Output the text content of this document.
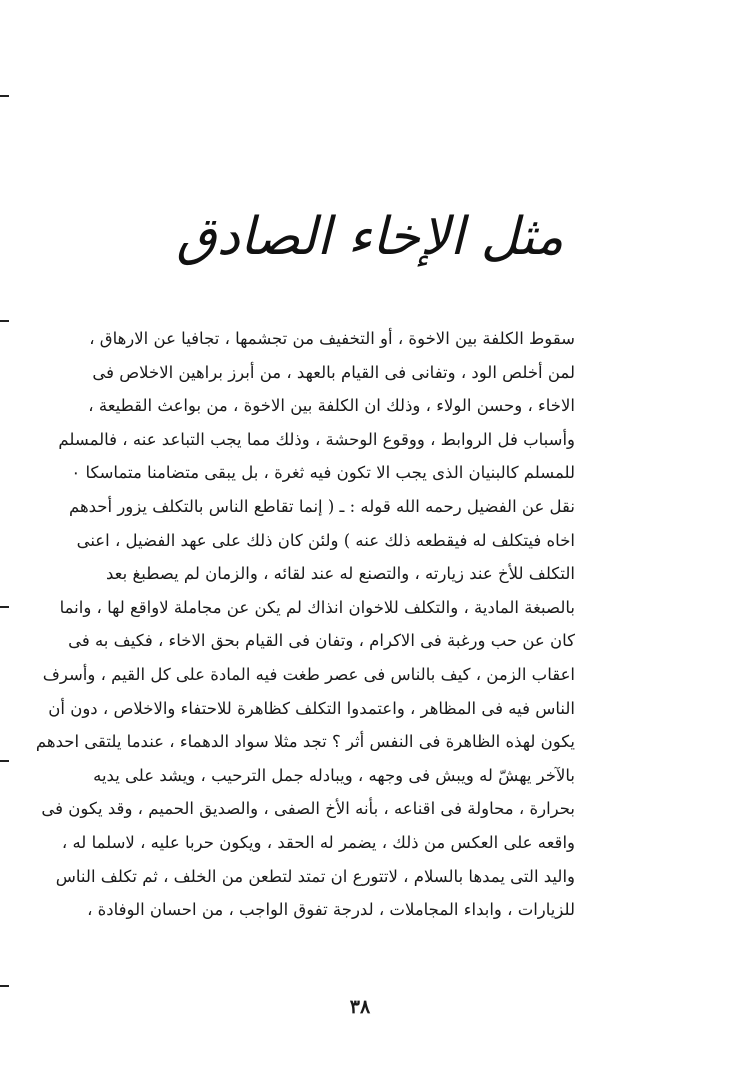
مثل الإخاء الصادق
سقوط الكلفة بين الاخوة ، أو التخفيف من تجشمها ، تجافيا عن الارهاق ،
لمن أخلص الود ، وتفانى فى القيام بالعهد ، من أبرز براهين الاخلاص فى
الاخاء ، وحسن الولاء ، وذلك ان الكلفة بين الاخوة ، من بواعث القطيعة ،
وأسباب فل الروابط ، ووقوع الوحشة ، وذلك مما يجب التباعد عنه ، فالمسلم
للمسلم كالبنيان الذى يجب الا تكون فيه ثغرة ، بل يبقى متضامنا متماسكا ٠
نقل عن الفضيل رحمه الله قوله : ـ ( إنما تقاطع الناس بالتكلف يزور أحدهم
اخاه فيتكلف له فيقطعه ذلك عنه ) ولئن كان ذلك على عهد الفضيل ، اعنى
التكلف للأخ عند زيارته ، والتصنع له عند لقائه ، والزمان لم يصطبغ بعد
بالصبغة المادية ، والتكلف للاخوان انذاك لم يكن عن مجاملة لاواقع لها ، وانما
كان عن حب ورغبة فى الاكرام ، وتفان فى القيام بحق الاخاء ، فكيف به فى
اعقاب الزمن ، كيف بالناس فى عصر طغت فيه المادة على كل القيم ، وأسرف
الناس فيه فى المظاهر ، واعتمدوا التكلف كظاهرة للاحتفاء والاخلاص ، دون أن
يكون لهذه الظاهرة فى النفس أثر ؟ تجد مثلا سواد الدهماء ، عندما يلتقى احدهم
بالآخر يهشّ له ويبش فى وجهه ، ويبادله جمل الترحيب ، ويشد على يديه
بحرارة ، محاولة فى اقناعه ، بأنه الأخ الصفى ، والصديق الحميم ، وقد يكون فى
واقعه على العكس من ذلك ، يضمر له الحقد ، ويكون حربا عليه ، لاسلما له ،
واليد التى يمدها بالسلام ، لاتتورع ان تمتد لتطعن من الخلف ، ثم تكلف الناس
للزيارات ، وابداء المجاملات ، لدرجة تفوق الواجب ، من احسان الوفادة ،
٣٨
